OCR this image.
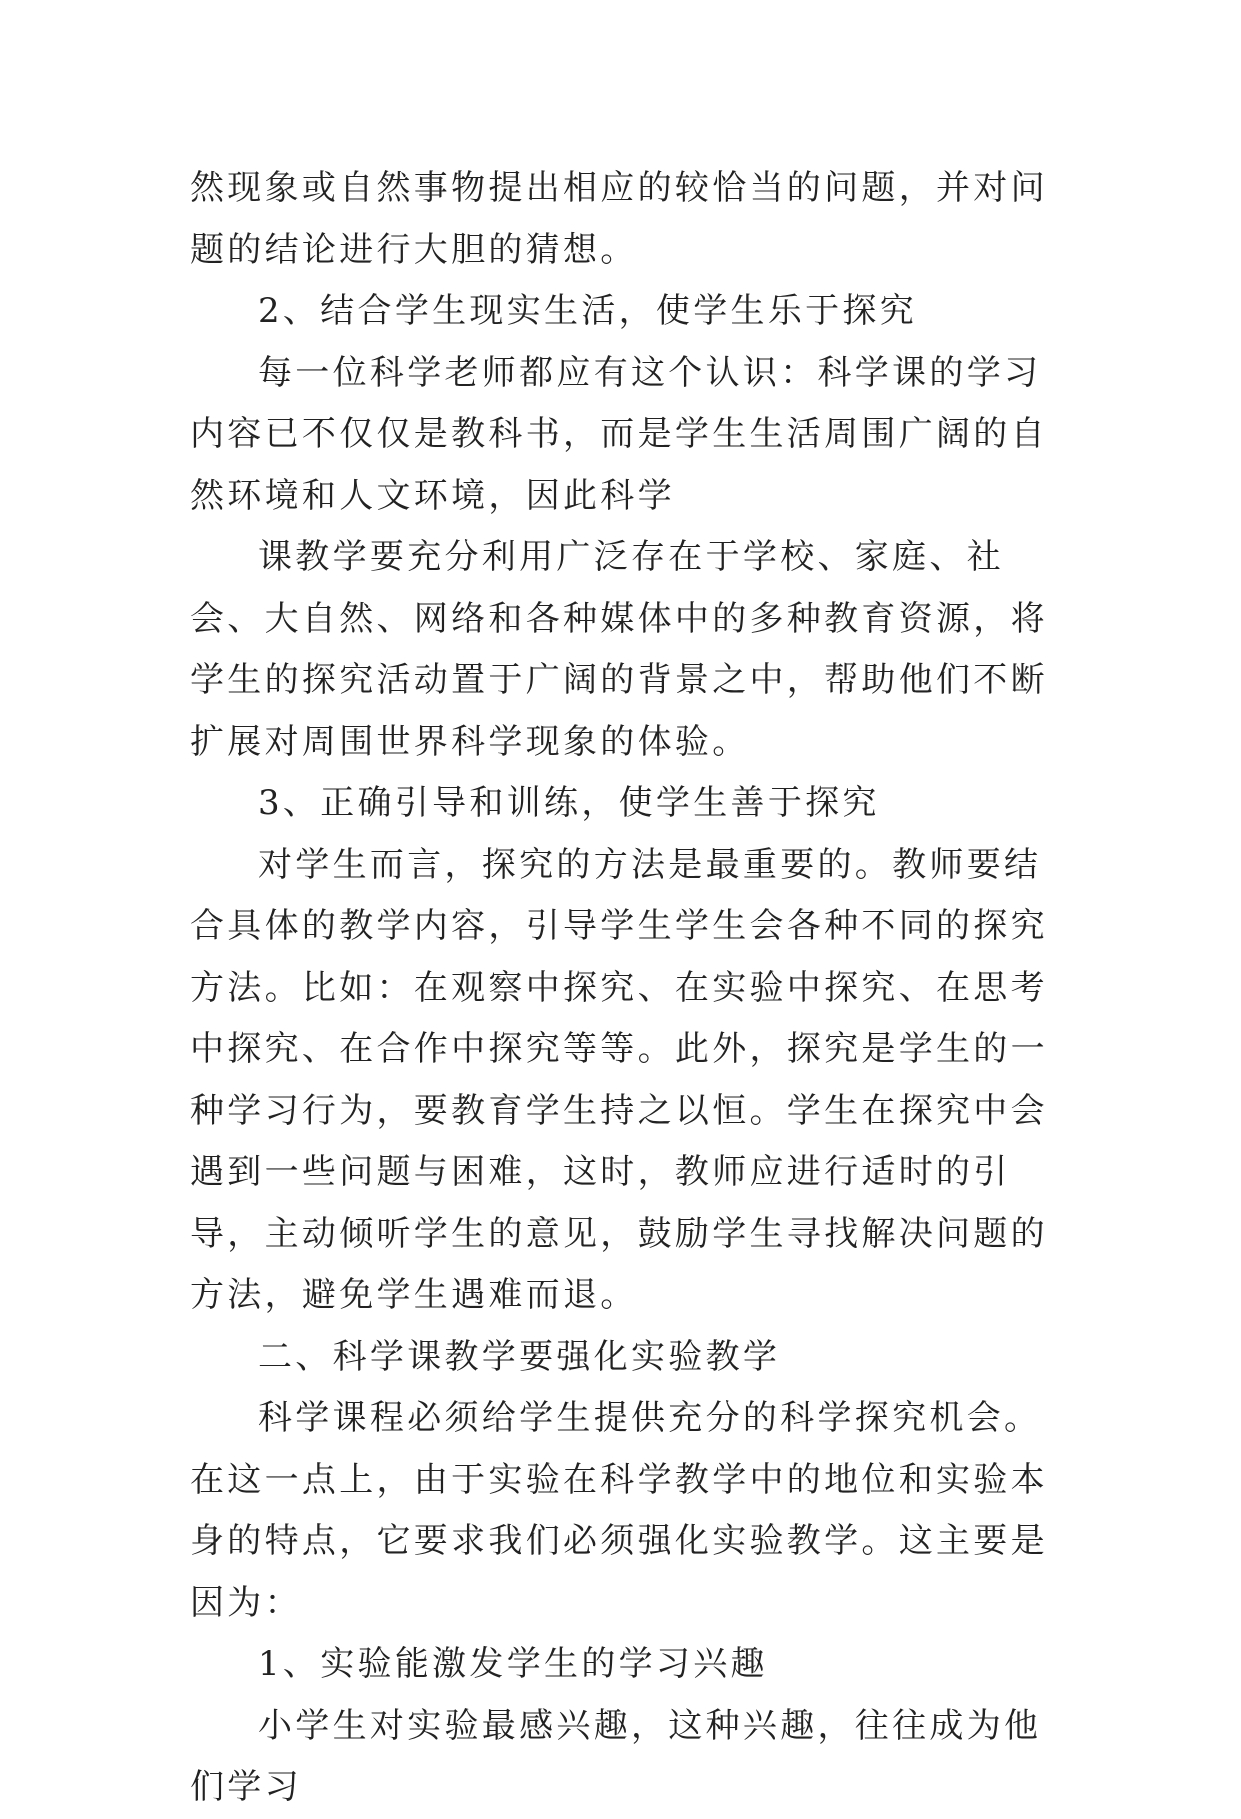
然现象或自然事物提出相应的较恰当的问题，并对问题的结论进行大胆的猜想。

2、结合学生现实生活，使学生乐于探究

每一位科学老师都应有这个认识：科学课的学习内容已不仅仅是教科书，而是学生生活周围广阔的自然环境和人文环境，因此科学

课教学要充分利用广泛存在于学校、家庭、社会、大自然、网络和各种媒体中的多种教育资源，将学生的探究活动置于广阔的背景之中，帮助他们不断扩展对周围世界科学现象的体验。

3、正确引导和训练，使学生善于探究

对学生而言，探究的方法是最重要的。教师要结合具体的教学内容，引导学生学生会各种不同的探究方法。比如：在观察中探究、在实验中探究、在思考中探究、在合作中探究等等。此外，探究是学生的一种学习行为，要教育学生持之以恒。学生在探究中会遇到一些问题与困难，这时，教师应进行适时的引导，主动倾听学生的意见，鼓励学生寻找解决问题的方法，避免学生遇难而退。

二、科学课教学要强化实验教学

科学课程必须给学生提供充分的科学探究机会。在这一点上，由于实验在科学教学中的地位和实验本身的特点，它要求我们必须强化实验教学。这主要是因为：

1、实验能激发学生的学习兴趣

小学生对实验最感兴趣，这种兴趣，往往成为他们学习
